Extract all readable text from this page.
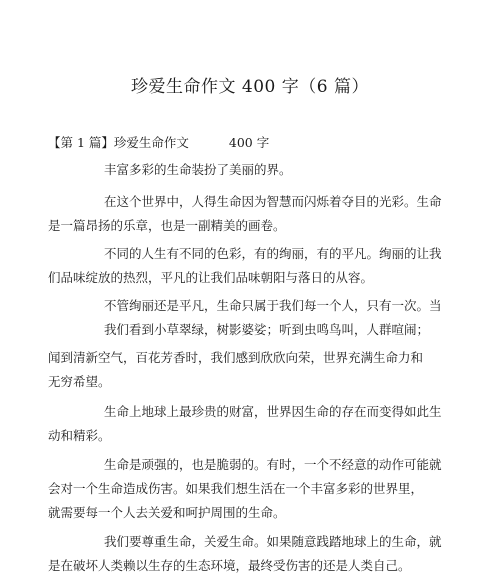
珍爱生命作文 400 字（6 篇）
【第 1 篇】珍爱生命作文	400 字
丰富多彩的生命装扮了美丽的界。
在这个世界中，人得生命因为智慧而闪烁着夺目的光彩。生命
是一篇昂扬的乐章，也是一副精美的画卷。
不同的人生有不同的色彩，有的绚丽，有的平凡。绚丽的让我
们品味绽放的热烈，平凡的让我们品味朝阳与落日的从容。
不管绚丽还是平凡，生命只属于我们每一个人，只有一次。当
我们看到小草翠绿，树影婆娑；听到虫鸣鸟叫，人群喧闹；
闻到清新空气，百花芳香时，我们感到欣欣向荣，世界充满生命力和
无穷希望。
生命上地球上最珍贵的财富，世界因生命的存在而变得如此生
动和精彩。
生命是顽强的，也是脆弱的。有时，一个不经意的动作可能就
会对一个生命造成伤害。如果我们想生活在一个丰富多彩的世界里，
就需要每一个人去关爱和呵护周围的生命。
我们要尊重生命，关爱生命。如果随意践踏地球上的生命，就
是在破坏人类赖以生存的生态环境，最终受伤害的还是人类自己。
